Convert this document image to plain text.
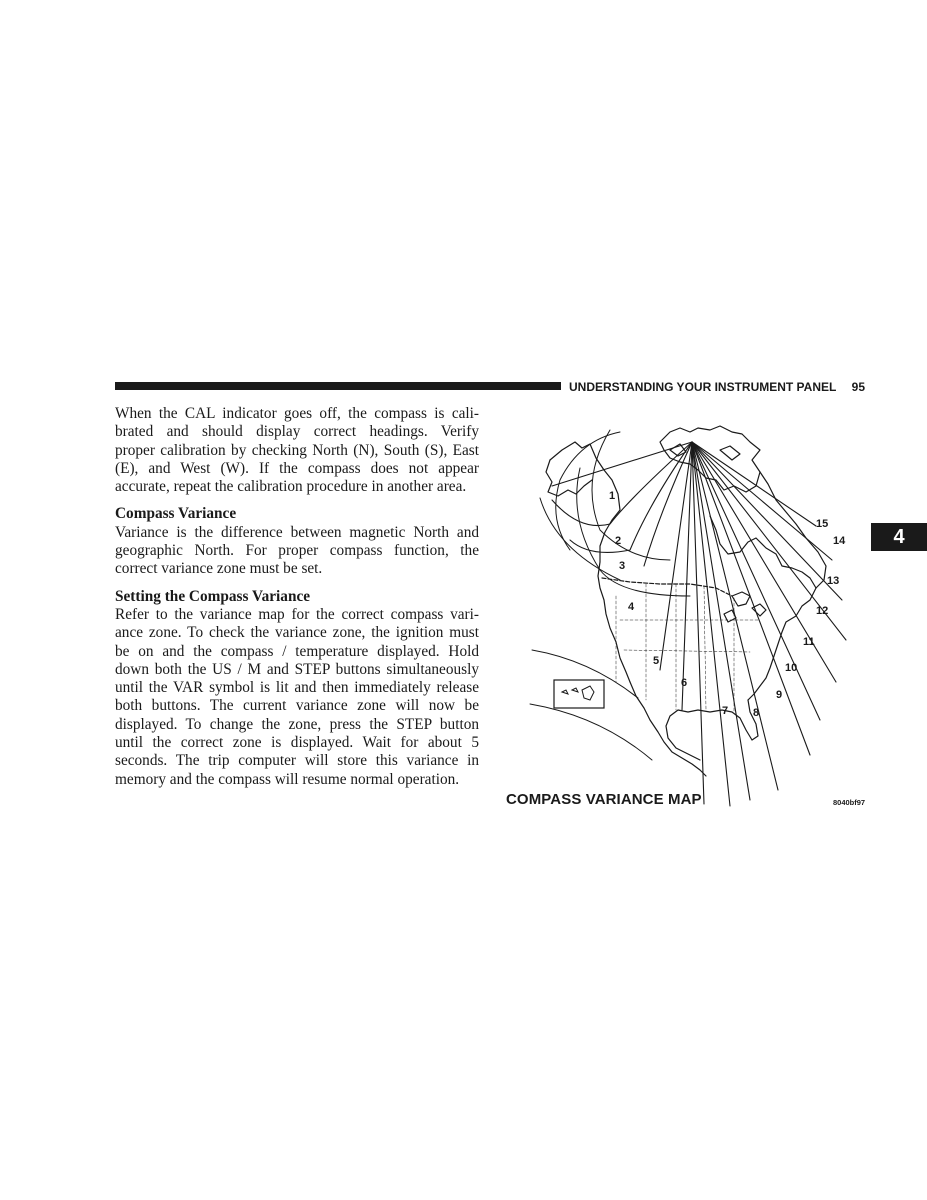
UNDERSTANDING YOUR INSTRUMENT PANEL 95
4

When the CAL indicator goes off, the compass is cali-

brated and should display correct headings. Verify

proper calibration by checking North (N), South (S), East

(E), and West (W). If the compass does not appear

accurate, repeat the calibration procedure in another area.

Compass Variance

Variance is the difference between magnetic North and

geographic North. For proper compass function, the

correct variance zone must be set.

Setting the Compass Variance

Refer to the variance map for the correct compass vari-

ance zone. To check the variance zone, the ignition must

be on and the compass / temperature displayed. Hold

down both the US / M and STEP buttons simultaneously

until the VAR symbol is lit and then immediately release

both buttons. The current variance zone will now be

displayed. To change the zone, press the STEP button

until the correct zone is displayed. Wait for about 5

seconds. The trip computer will store this variance in

memory and the compass will resume normal operation.

1
2
3
4
5
6
7 8
9
10
11
12
13
14
15
COMPASS VARIANCE MAP	8040bf97
